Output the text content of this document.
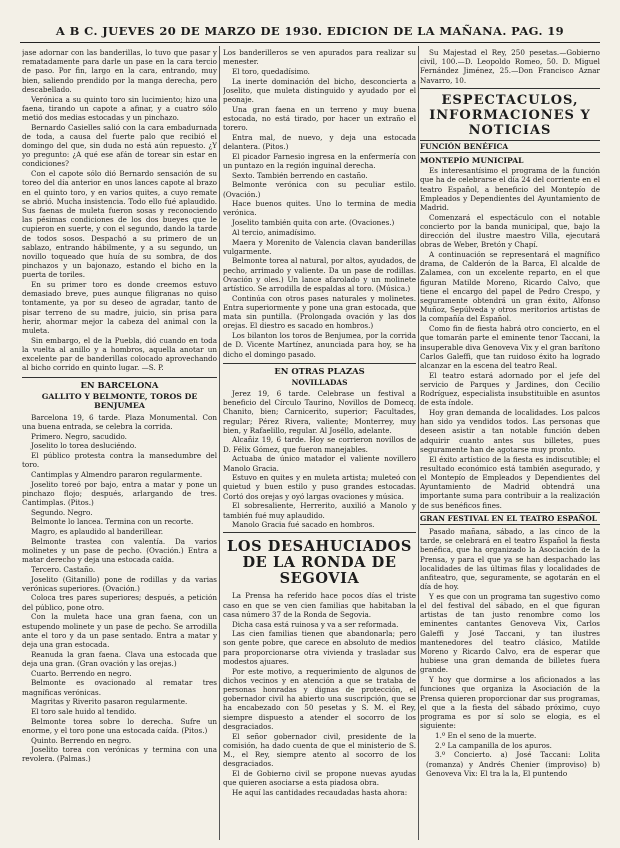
A B C. JUEVES 20 DE MARZO DE 1930. EDICION DE LA MAÑANA. PAG. 19

jase adornar con las banderillas, lo tuvo que pasar y rematadamente para darle un pase en la cara tercio de paso. Por fin, largo en la cara, entrando, muy bien, saliendo prendido por la manga derecha, pero descabellado.

Verónica a su quinto toro sin lucimiento; hizo una faena, tirando un capote a afinar, y a cuatro sólo metió dos medias estocadas y un pinchazo.

Bernardo Casielles salió con la cara embadurnada de toda, a causa del fuerte palo que recibió el domingo del que, sin duda no está aún repuesto. ¿Y yo pregunto: ¿A qué ese afán de torear sin estar en condiciones?

Con el capote sólo dió Bernardo sensación de su toreo del día anterior en unos lances capote al brazo en el quinto toro, y en varios quites, a cuyo remate se abrió. Mucha insistencia. Todo ello fué aplaudido. Sus faenas de muleta fueron sosas y reconociendo las pésimas condiciones de los dos bueyes que le cupieron en suerte, y con el segundo, dando la tarde de todos sosos. Despachó a su primero de un sablazo, entrando hábilmente, y a su segundo, un novillo toqueado que huía de su sombra, de dos pinchazos y un bajonazo, estando el bicho en la puerta de toriles.

En su primer toro es donde creemos estuvo demasiado breve, pues aunque filigranas no quiso tontamente, ya por su deseo de agradar, tanto de pisar terreno de su madre, juicio, sin prisa para herir, ahormar mejor la cabeza del animal con la muleta.

Sin embargo, el de la Puebla, dió cuando en toda la vuelta al anillo y a hombros, aquella anotar un excelente par de banderillas colocado aprovechando al bicho corrido en quinto lugar. —S. P.

EN BARCELONA
GALLITO Y BELMONTE, TOROS DE BENJUMEA

Barcelona 19, 6 tarde. Plaza Monumental. Con una buena entrada, se celebra la corrida.

Primero. Negro, sacudido.

Joselito lo torea desluciéndo.

El público protesta contra la mansedumbre del toro.

Cantimplas y Almendro pararon regularmente.

Joselito toreó por bajo, entra a matar y pone un pinchazo flojo; después, arlargando de tres. Cantimplas. (Pitos.)

Segundo. Negro.

Belmonte lo lancea. Termina con un recorte.

Magro, es aplaudido al banderillear.

Belmonte trastea con valentía. Da varios molinetes y un pase de pecho. (Ovación.) Entra a matar derecho y deja una estocada caída.

Tercero. Castaño.

Joselito (Gitanillo) pone de rodillas y da varias verónicas superiores. (Ovación.)

Coloca tres pares superiores; después, a petición del público, pone otro.

Con la muleta hace una gran faena, con un estupendo molinete y un pase de pecho. Se arrodilla ante el toro y da un pase sentado. Entra a matar y deja una gran estocada.

Reanuda la gran faena. Clava una estocada que deja una gran. (Gran ovación y las orejas.)

Cuarto. Berrendo en negro.

Belmonte es ovacionado al rematar tres magníficas verónicas.

Magritas y Riverito pasaron regularmente.

El toro sale huido al tendido.

Belmonte torea sobre lo derecha. Sufre un enorme, y el toro pone una estocada caída. (Pitos.)

Quinto. Berrendo en negro.

Joselito torea con verónicas y termina con una revolera. (Palmas.)

Los banderilleros se ven apurados para realizar su menester.

El toro, quedadísimo.

La inerte dominación del bicho, desconcierta a Joselito, que muleta distinguido y ayudado por el peonaje.

Una gran faena en un terreno y muy buena estocada, no está tirado, por hacer un extraño el torero.

Entra mal, de nuevo, y deja una estocada delantera. (Pitos.)

El picador Farnesio ingresa en la enfermería con un puntazo en la región inguinal derecha.

Sexto. También berrendo en castaño.

Belmonte verónica con su peculiar estilo. (Ovación.)

Hace buenos quites. Uno lo termina de media verónica.

Joselito también quita con arte. (Ovaciones.)

Al tercio, animadísimo.

Maera y Morenito de Valencia clavan banderillas vulgarmente.

Belmonte torea al natural, por altos, ayudados, de pecho, arrimado y valiente. Da un pase de rodillas. Ovación y oles.) Un lance afarolado y un molinete artístico. Se arrodilla de espaldas al toro. (Música.)

Continúa con otros pases naturales y molinetes. Entra superiormente y pone una gran estocada, que mata sin puntilla. (Prolongada ovación y las dos orejas. El diestro es sacado en hombros.)

Los bilanton los toros de Benjumea, por la corrida de D. Vicente Martínez, anunciada para hoy, se ha dicho el domingo pasado.

EN OTRAS PLAZAS
NOVILLADAS

Jerez 19, 6 tarde. Celebrase un festival a beneficio del Círculo Taurino, Novillos de Domecq. Chanito, bien; Carnicerito, superior; Facultades, regular; Pérez Rivera, valiente; Monterrey, muy bien, y Rafaelillo, regular. Al Joséllo, adelante.

Alcañiz 19, 6 tarde. Hoy se corrieron novillos de D. Félix Gómez, que fueron manejables.

Actuaba de único matador el valiente novillero Manolo Gracia.

Estuvo en quites y en muleta artista; muleteó con quietud y buen estilo y puso grandes estocadas. Cortó dos orejas y oyó largas ovaciones y música.

El sobresaliente, Herrerito, auxilió a Manolo y también fué muy aplaudido.

Manolo Gracia fué sacado en hombros.

LOS DESAHUCIADOS DE LA RONDA DE SEGOVIA

La Prensa ha referido hace pocos días el triste caso en que se ven cien familias que habitaban la casa número 37 de la Ronda de Segovia.

Dicha casa está ruinosa y va a ser reformada.

Las cien familias tienen que abandonarla; pero son gente pobre, que carece en absoluto de medios para proporcionarse otra vivienda y trasladar sus modestos ajuares.

Por este motivo, a requerimiento de algunos de dichos vecinos y en atención a que se trataba de personas honradas y dignas de protección, el gobernador civil ha abierto una suscripción, que se ha encabezado con 50 pesetas y S. M. el Rey, siempre dispuesto a atender el socorro de los desgraciados.

El señor gobernador civil, presidente de la comisión, ha dado cuenta de que el ministerio de S. M., el Rey, siempre atento al socorro de los desgraciados.

El de Gobierno civil se propone nuevas ayudas que quieren asociarse a esta piadosa obra.

He aquí las cantidades recaudadas hasta ahora:

Su Majestad el Rey, 250 pesetas.—Gobierno civil, 100.—D. Leopoldo Romeo, 50. D. Miguel Fernández Jiménez, 25.—Don Francisco Aznar Navarro, 10.

ESPECTACULOS, INFORMACIONES Y NOTICIAS
FUNCIÓN BENÉFICA
MONTEPÍO MUNICIPAL

Es interesantísimo el programa de la función que ha de celebrarse el día 24 del corriente en el teatro Español, a beneficio del Montepío de Empleados y Dependientes del Ayuntamiento de Madrid.

Comenzará el espectáculo con el notable concierto por la banda municipal, que, bajo la dirección del ilustre maestro Villa, ejecutará obras de Weber, Bretón y Chapí.

A continuación se representará el magnífico drama, de Calderón de la Barca, El alcalde de Zalamea, con un excelente reparto, en el que figuran Matilde Moreno, Ricardo Calvo, que tiene el encargo del papel de Pedro Crespo, y seguramente obtendrá un gran éxito, Alfonso Muñoz, Sepúlveda y otros meritorios artistas de la compañía del Español.

Como fin de fiesta habrá otro concierto, en el que tomarán parte el eminente tenor Taccani, la insuperable diva Genoveva Vix y el gran barítono Carlos Galeffi, que tan ruidoso éxito ha logrado alcanzar en la escena del teatro Real.

El teatro estará adornado por el jefe del servicio de Parques y Jardines, don Cecilio Rodríguez, especialista insubstituible en asuntos de esta índole.

Hoy gran demanda de localidades. Los palcos han sido ya vendidos todos. Las personas que deseen asistir a tan notable función deben adquirir cuanto antes sus billetes, pues seguramente han de agotarse muy pronto.

El éxito artístico de la fiesta es indiscutible; el resultado económico está también asegurado, y el Montepío de Empleados y Dependientes del Ayuntamiento de Madrid obtendrá una importante suma para contribuir a la realización de sus benéficos fines.

GRAN FESTIVAL EN EL TEATRO ESPAÑOL

Pasado mañana, sábado, a las cinco de la tarde, se celebrará en el teatro Español la fiesta benéfica, que ha organizado la Asociación de la Prensa, y para el que ya se han despachado las localidades de las últimas filas y localidades de anfiteatro, que, seguramente, se agotarán en el día de hoy.

Y es que con un programa tan sugestivo como el del festival del sábado, en el que figuran artistas de tan justo renombre como los eminentes cantantes Genoveva Vix, Carlos Galeffi y José Taccani, y tan ilustres mantenedores del teatro clásico, Matilde Moreno y Ricardo Calvo, era de esperar que hubiese una gran demanda de billetes fuera grande.

Y hoy que dormirse a los aficionados a las funciones que organiza la Asociación de la Prensa quieren proporcionar dar sus programas, el que a la fiesta del sábado próximo, cuyo programa es por sí solo se elogia, es el siguiente:

1.º En el seno de la muerte.

2.º La campanilla de los apuros.

3.º Concierto. a) José Taccani: Lolita (romanza) y Andrés Chenier (improviso) b) Genoveva Vix: El tra la la, El puntendo
